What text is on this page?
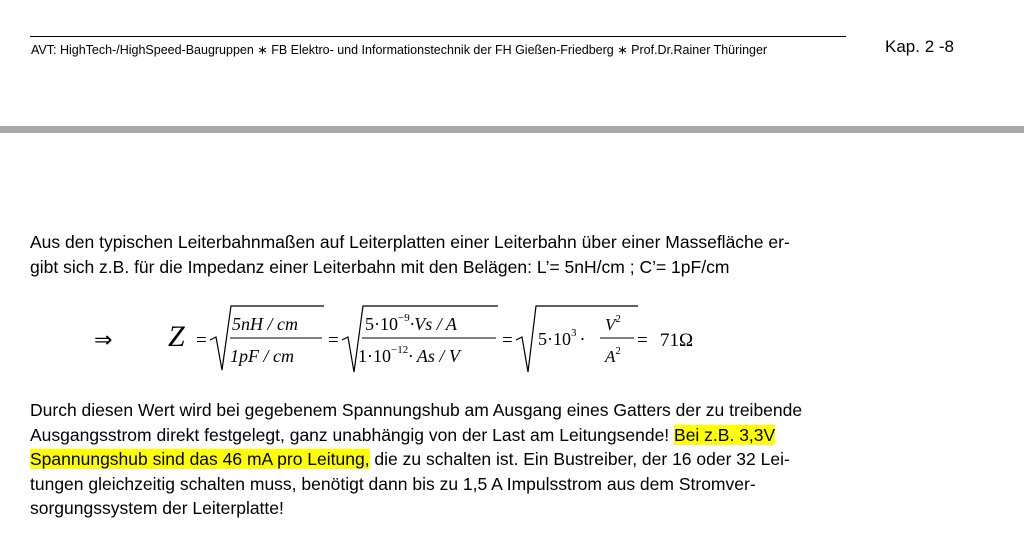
AVT: HighTech-/HighSpeed-Baugruppen ∗ FB Elektro- und Informationstechnik der FH Gießen-Friedberg ∗ Prof.Dr.Rainer Thüringer	Kap. 2 -8
Aus den typischen Leiterbahnmaßen auf Leiterplatten einer Leiterbahn über einer Massefläche er-
gibt sich z.B. für die Impedanz einer Leiterbahn mit den Belägen: L’= 5nH/cm ; C’= 1pF/cm
⇒ Z =
5nH / cm
1pF / cm
=
$5\cdot 10^{-9}\cdot Vs / A$
$1\cdot 10^{-12}\cdot As / V$
= $5\cdot 10^3$ ·
$V^2$
$A^2 = 71\Omega$
Durch diesen Wert wird bei gegebenem Spannungshub am Ausgang eines Gatters der zu treibende
Ausgangsstrom direkt festgelegt, ganz unabhängig von der Last am Leitungsende! Bei z.B. 3,3V
Spannungshub sind das 46 mA pro Leitung, die zu schalten ist. Ein Bustreiber, der 16 oder 32 Lei-
tungen gleichzeitig schalten muss, benötigt dann bis zu 1,5 A Impulsstrom aus dem Stromver-
sorgungssystem der Leiterplatte!
